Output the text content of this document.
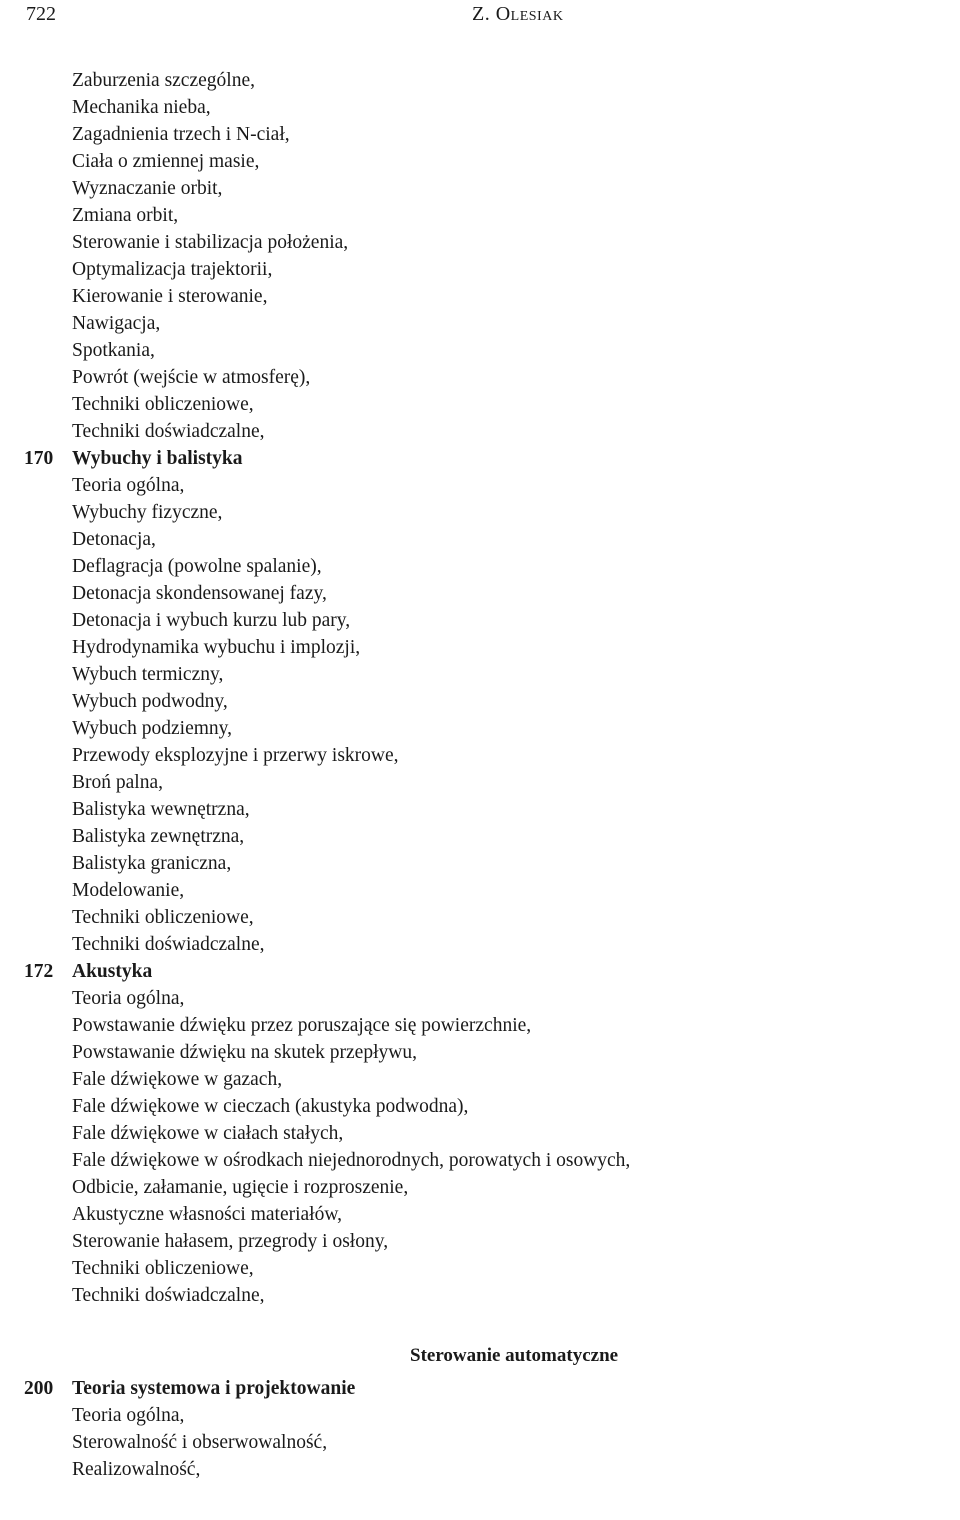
722	Z. Olesiak
Zaburzenia szczególne,
Mechanika nieba,
Zagadnienia trzech i N-ciał,
Ciała o zmiennej masie,
Wyznaczanie orbit,
Zmiana orbit,
Sterowanie i stabilizacja położenia,
Optymalizacja trajektorii,
Kierowanie i sterowanie,
Nawigacja,
Spotkania,
Powrót (wejście w atmosferę),
Techniki obliczeniowe,
Techniki doświadczalne,
170 Wybuchy i balistyka
Teoria ogólna,
Wybuchy fizyczne,
Detonacja,
Deflagracja (powolne spalanie),
Detonacja skondensowanej fazy,
Detonacja i wybuch kurzu lub pary,
Hydrodynamika wybuchu i implozji,
Wybuch termiczny,
Wybuch podwodny,
Wybuch podziemny,
Przewody eksplozyjne i przerwy iskrowe,
Broń palna,
Balistyka wewnętrzna,
Balistyka zewnętrzna,
Balistyka graniczna,
Modelowanie,
Techniki obliczeniowe,
Techniki doświadczalne,
172 Akustyka
Teoria ogólna,
Powstawanie dźwięku przez poruszające się powierzchnie,
Powstawanie dźwięku na skutek przepływu,
Fale dźwiękowe w gazach,
Fale dźwiękowe w cieczach (akustyka podwodna),
Fale dźwiękowe w ciałach stałych,
Fale dźwiękowe w ośrodkach niejednorodnych, porowatych i osowych,
Odbicie, załamanie, ugięcie i rozproszenie,
Akustyczne własności materiałów,
Sterowanie hałasem, przegrody i osłony,
Techniki obliczeniowe,
Techniki doświadczalne,
Sterowanie automatyczne
200 Teoria systemowa i projektowanie
Teoria ogólna,
Sterowalność i obserwowalność,
Realizowalność,
